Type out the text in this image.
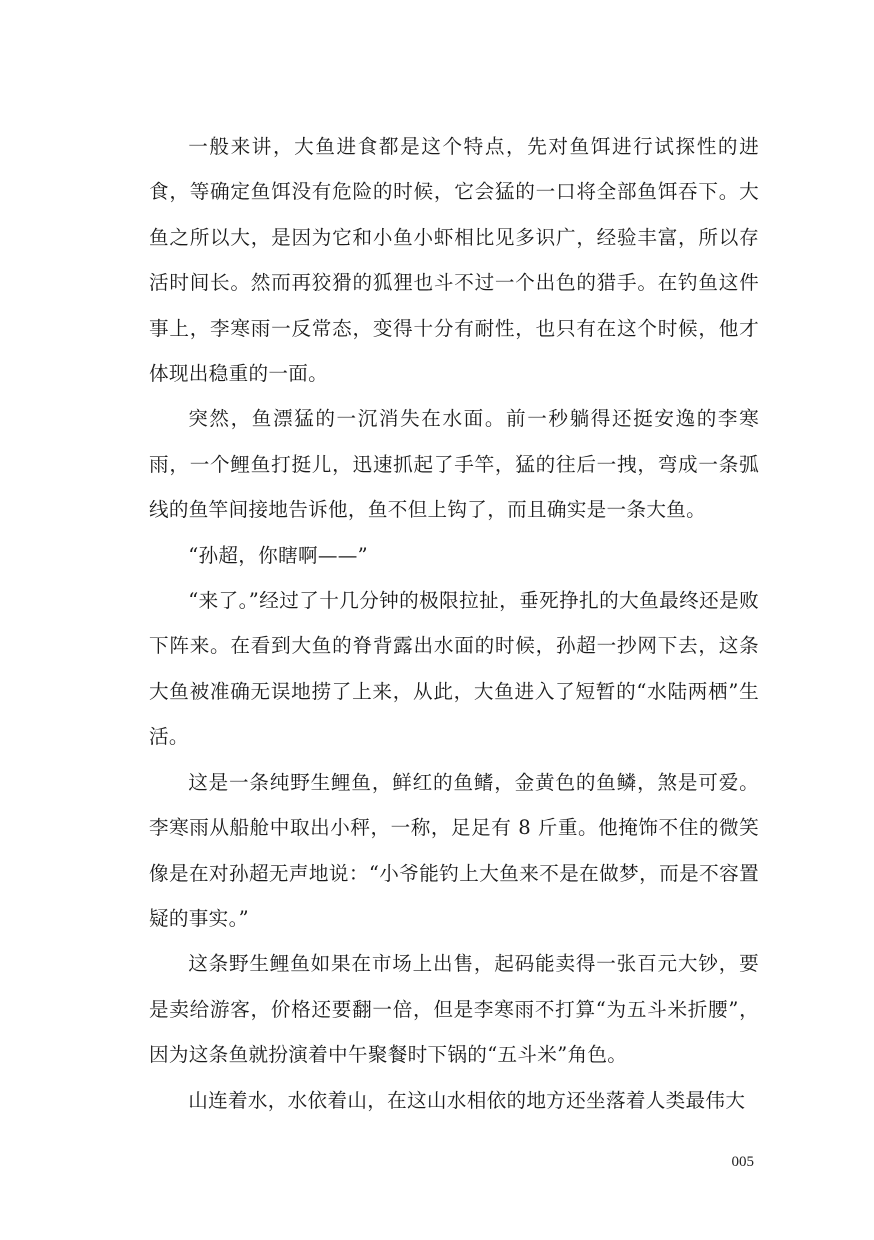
一般来讲，大鱼进食都是这个特点，先对鱼饵进行试探性的进食，等确定鱼饵没有危险的时候，它会猛的一口将全部鱼饵吞下。大鱼之所以大，是因为它和小鱼小虾相比见多识广，经验丰富，所以存活时间长。然而再狡猾的狐狸也斗不过一个出色的猎手。在钓鱼这件事上，李寒雨一反常态，变得十分有耐性，也只有在这个时候，他才体现出稳重的一面。

突然，鱼漂猛的一沉消失在水面。前一秒躺得还挺安逸的李寒雨，一个鲤鱼打挺儿，迅速抓起了手竿，猛的往后一拽，弯成一条弧线的鱼竿间接地告诉他，鱼不但上钩了，而且确实是一条大鱼。

“孙超，你瞎啊——”

“来了。”经过了十几分钟的极限拉扯，垂死挣扎的大鱼最终还是败下阵来。在看到大鱼的脊背露出水面的时候，孙超一抄网下去，这条大鱼被准确无误地捞了上来，从此，大鱼进入了短暂的“水陆两栖”生活。

这是一条纯野生鲤鱼，鲜红的鱼鳍，金黄色的鱼鳞，煞是可爱。李寒雨从船舱中取出小秤，一称，足足有 8 斤重。他掩饰不住的微笑像是在对孙超无声地说：“小爷能钓上大鱼来不是在做梦，而是不容置疑的事实。”

这条野生鲤鱼如果在市场上出售，起码能卖得一张百元大钞，要是卖给游客，价格还要翻一倍，但是李寒雨不打算“为五斗米折腰”，因为这条鱼就扮演着中午聚餐时下锅的“五斗米”角色。

山连着水，水依着山，在这山水相依的地方还坐落着人类最伟大

005
